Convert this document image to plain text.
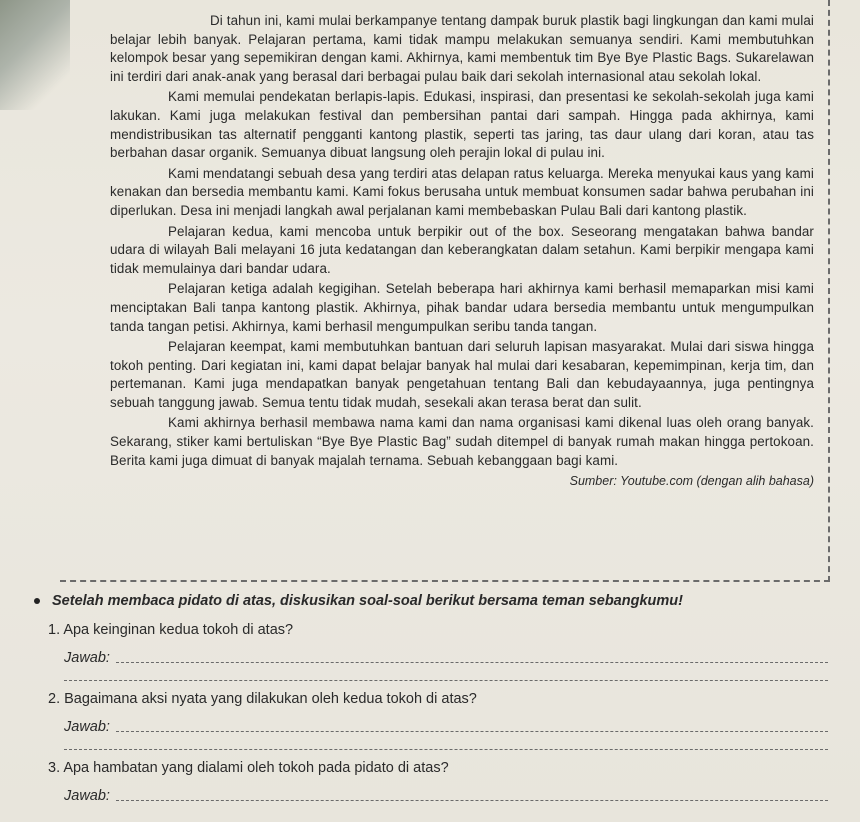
Di tahun ini, kami mulai berkampanye tentang dampak buruk plastik bagi lingkungan dan kami mulai belajar lebih banyak. Pelajaran pertama, kami tidak mampu melakukan semuanya sendiri. Kami membutuhkan kelompok besar yang sepemikiran dengan kami. Akhirnya, kami membentuk tim Bye Bye Plastic Bags. Sukarelawan ini terdiri dari anak-anak yang berasal dari berbagai pulau baik dari sekolah internasional atau sekolah lokal.

Kami memulai pendekatan berlapis-lapis. Edukasi, inspirasi, dan presentasi ke sekolah-sekolah juga kami lakukan. Kami juga melakukan festival dan pembersihan pantai dari sampah. Hingga pada akhirnya, kami mendistribusikan tas alternatif pengganti kantong plastik, seperti tas jaring, tas daur ulang dari koran, atau tas berbahan dasar organik. Semuanya dibuat langsung oleh perajin lokal di pulau ini.

Kami mendatangi sebuah desa yang terdiri atas delapan ratus keluarga. Mereka menyukai kaus yang kami kenakan dan bersedia membantu kami. Kami fokus berusaha untuk membuat konsumen sadar bahwa perubahan ini diperlukan. Desa ini menjadi langkah awal perjalanan kami membebaskan Pulau Bali dari kantong plastik.

Pelajaran kedua, kami mencoba untuk berpikir out of the box. Seseorang mengatakan bahwa bandar udara di wilayah Bali melayani 16 juta kedatangan dan keberangkatan dalam setahun. Kami berpikir mengapa kami tidak memulainya dari bandar udara.

Pelajaran ketiga adalah kegigihan. Setelah beberapa hari akhirnya kami berhasil memaparkan misi kami menciptakan Bali tanpa kantong plastik. Akhirnya, pihak bandar udara bersedia membantu untuk mengumpulkan tanda tangan petisi. Akhirnya, kami berhasil mengumpulkan seribu tanda tangan.

Pelajaran keempat, kami membutuhkan bantuan dari seluruh lapisan masyarakat. Mulai dari siswa hingga tokoh penting. Dari kegiatan ini, kami dapat belajar banyak hal mulai dari kesabaran, kepemimpinan, kerja tim, dan pertemanan. Kami juga mendapatkan banyak pengetahuan tentang Bali dan kebudayaannya, juga pentingnya sebuah tanggung jawab. Semua tentu tidak mudah, sesekali akan terasa berat dan sulit.

Kami akhirnya berhasil membawa nama kami dan nama organisasi kami dikenal luas oleh orang banyak. Sekarang, stiker kami bertuliskan “Bye Bye Plastic Bag” sudah ditempel di banyak rumah makan hingga pertokoan. Berita kami juga dimuat di banyak majalah ternama. Sebuah kebanggaan bagi kami.

Sumber: Youtube.com (dengan alih bahasa)
Setelah membaca pidato di atas, diskusikan soal-soal berikut bersama teman sebangkumu!
1. Apa keinginan kedua tokoh di atas?
Jawab:
2. Bagaimana aksi nyata yang dilakukan oleh kedua tokoh di atas?
Jawab:
3. Apa hambatan yang dialami oleh tokoh pada pidato di atas?
Jawab:
